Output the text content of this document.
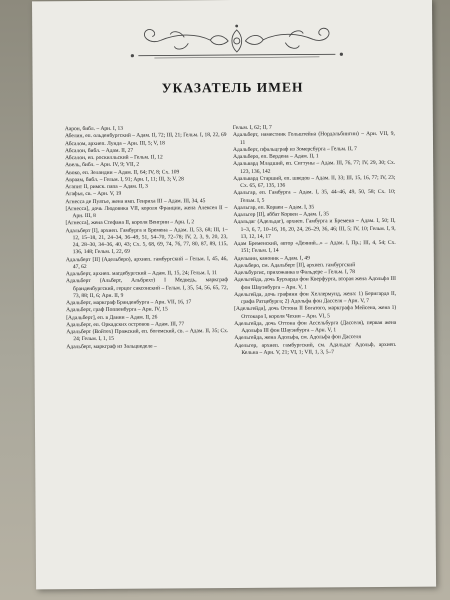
УКАЗАТЕЛЬ ИМЕН

Аарон, библ. – Арн. I, 13

Абелин, еп. ольденбургский – Адам. II, 72; III, 21; Гельм. I, 18, 22, 69

Абсалом, архиеп. Лунда – Арн. III, 5; V, 18

Абсалон, библ. – Адам. II, 27

Абсалон, еп. роскилльский – Гельм. II, 12

Авель, библ. – Арн. IV, 9; VII, 2

Авоко, еп. Зеландии – Адам. II, 64; IV, 8; Сх. 109

Авраам, библ. – Гельм. I, 91; Арн. I, 11; III, 3; V, 28

Агапит II, римск. папа – Адам. II, 3

Агафья, св. – Арн. V, 19

Агнесса де Пуатье, жена имп. Генриха III – Адам. III, 34, 45

[Агнесса], дочь Людовика VII, короля Франции, жена Алексея II – Арн. III, 8

[Агнесса], жена Стефана II, короля Венгрии – Арн. I, 2

Адальберт [I], архиеп. Гамбурга и Бремена – Адам. II, 53, 68; III, 1–12, 15–18, 21, 24–34, 36–49, 51, 54–70, 72–78; IV, 2, 3, 9, 20, 23, 24, 28–30, 34–36, 40, 43; Сх. 5, 68, 69, 74, 76, 77, 80, 87, 89, 115, 136, 148; Гельм. I, 22, 69

Адальберт [II] (Адельберо), архиеп. гамбургский – Гельм. I, 45, 46, 47, 62

Адальберт, архиеп. магдебургский – Адам. II, 15, 24; Гельм. I, 11

Адальберт (Альберт, Альбрехт) I Медведь, маркграф бранденбургский, герцог саксонский – Гельм. I, 35, 54, 56, 65, 72, 73, 88; II, 6; Арн. II, 9

Адальберт, маркграф Бранденбурга – Арн. VII, 16, 17

Адальберт, граф Поппенбурга – Арн. IV, 15

[Адальберт], еп. в Дании – Адам. II, 26

Адальберт, еп. Оркадских островов – Адам. III, 77

Адальберт (Войтех) Пражский, еп. богемский, св. – Адам. II, 35; Сх. 24; Гельм. I, 1, 15

Адальберт, маркграф из Зальцведеле –

Гельм. I, 62; II, 7

Адальберт, наместник Гольштейна (Нордальбингии) – Арн. VII, 9, 11

Адальберт, пфальцграф из Зомерсбурга – Гельм. II, 7

Адальберо, еп. Вердена – Адам. II, 1

Адальвард Младший, еп. Сигтуны – Адам. III, 76, 77; IV, 29, 30; Сх. 123, 136, 142

Адальвард Старший, еп. шведов – Адам. II, 33; III, 15, 16, 77; IV, 23; Сх. 65, 67, 135, 136

Адальгар, еп. Гамбурга – Адам. I, 35, 44–46, 49, 50, 58; Сх. 10; Гельм. I, 5

Адальгар, еп. Корвеи – Адам. I, 35

Адальгер [II], аббат Корвеи – Адам. I, 35

Адальдаг (Адельдаг), архиеп. Гамбурга и Бремена – Адам. I, 50; II, 1–3, 6, 7, 10–16, 16, 20, 24, 26–29, 36, 46; III, 5; IV, 10; Гельм. I, 9, 13, 12, 14, 17

Адам Бременский, автор «Деяний...» – Адам. I, Пр.; III, 4, 54; Сх. 151; Гельм. I, 14

Адельвин, каноник – Адам. I, 49

Адельберо, см. Адальберт [II], архиеп. гамбургский

Адельбургис, прихожанка в Фальдере – Гельм. I, 78

Адельгейда, дочь Бурхарда фон Кверфурта, вторая жена Адольфа III фон Шауэнбурга – Арн. V, 1

Адельгейда, дочь графини фон Хеллермунд, жена: 1) Беригарда II, графа Ратцебурга; 2) Адольфа фон Дасселя – Арн. V, 7

[Адельгейда], дочь Оттона II Богатого, маркграфа Мейсена, жена 1) Оттокара I, короля Чехии – Арн. VI, 5

Адельгейда, дочь Оттона фон Ассельбурга (Дасселя), первая жена Адольфа III фон Шауэнбурга – Арн. V, 1

Адельгейда, жена Адольфа, см. Адольфа фон Дасселя

Адельгер, архиеп. гамбургский, см. Адальдаг Адольф, архиеп. Кельна – Арн. V, 21; VI, 1; VII, 1, 3, 5–7
